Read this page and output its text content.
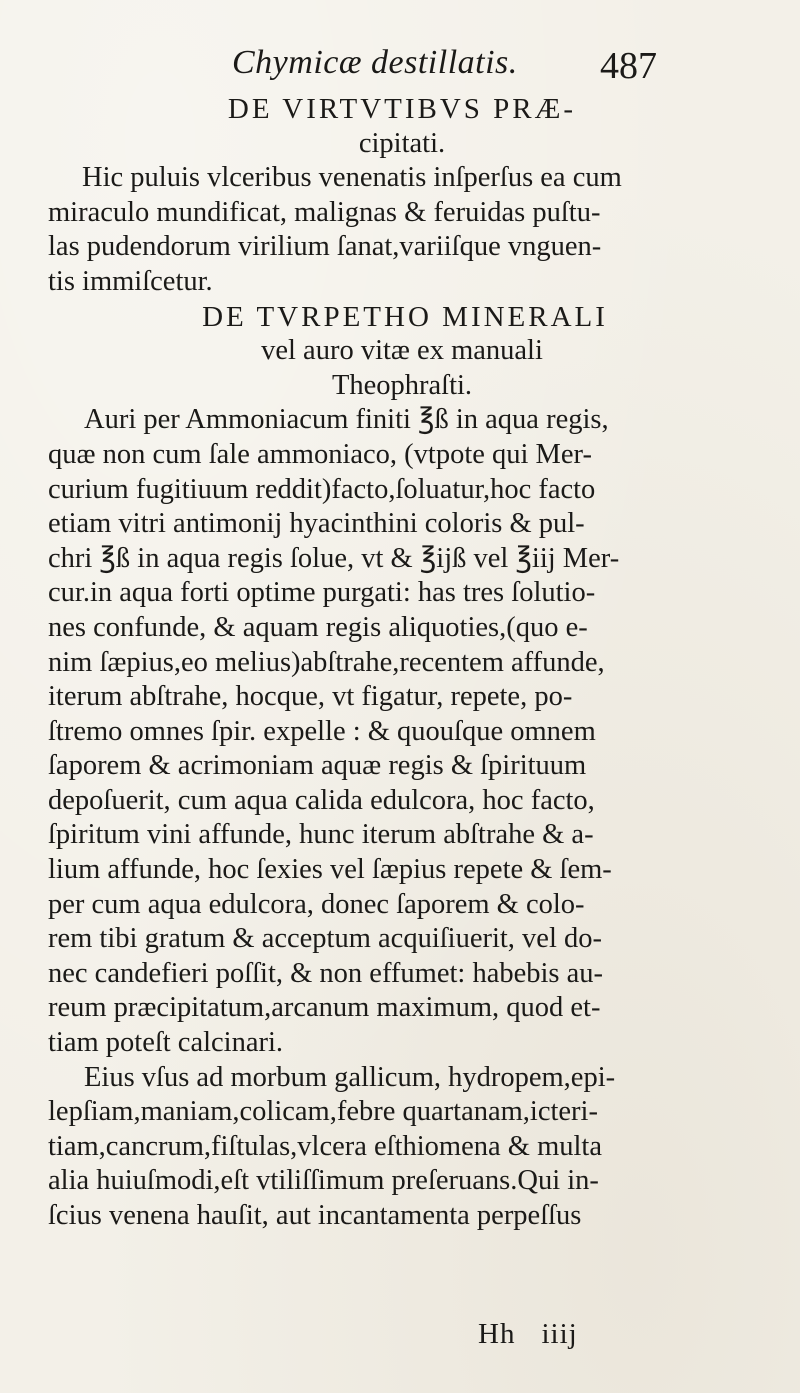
Chymicæ destillatis. 487
DE VIRTVTIBVS PRÆ-
cipitati.
Hic puluis vlceribus venenatis inſperſus ea cum
miraculo mundificat, malignas & feruidas puſtu-
las pudendorum virilium ſanat,variiſque vnguen-
tis immiſcetur.
DE TVRPETHO MINERALI
vel auro vitæ ex manuali
Theophraſti.
Auri per Ammoniacum finiti ℥ß in aqua regis,
quæ non cum ſale ammoniaco, (vtpote qui Mer-
curium fugitiuum reddit)facto,ſoluatur,hoc facto
etiam vitri antimonij hyacinthini coloris & pul-
chri ℥ß in aqua regis ſolue, vt & ℥ijß vel ℥iij Mer-
cur.in aqua forti optime purgati: has tres ſolutio-
nes confunde, & aquam regis aliquoties,(quo e-
nim ſæpius,eo melius)abſtrahe,recentem affunde,
iterum abſtrahe, hocque, vt figatur, repete, po-
ſtremo omnes ſpir. expelle : & quouſque omnem
ſaporem & acrimoniam aquæ regis & ſpirituum
depoſuerit, cum aqua calida edulcora, hoc facto,
ſpiritum vini affunde, hunc iterum abſtrahe & a-
lium affunde, hoc ſexies vel ſæpius repete & ſem-
per cum aqua edulcora, donec ſaporem & colo-
rem tibi gratum & acceptum acquiſiuerit, vel do-
nec candefieri poſſit, & non effumet: habebis au-
reum præcipitatum,arcanum maximum, quod et-
tiam poteſt calcinari.
Eius vſus ad morbum gallicum, hydropem,epi-
lepſiam,maniam,colicam,febre quartanam,icteri-
tiam,cancrum,fiſtulas,vlcera eſthiomena & multa
alia huiuſmodi,eſt vtiliſſimum preſeruans.Qui in-
ſcius venena hauſit, aut incantamenta perpeſſus
Hh iiij
